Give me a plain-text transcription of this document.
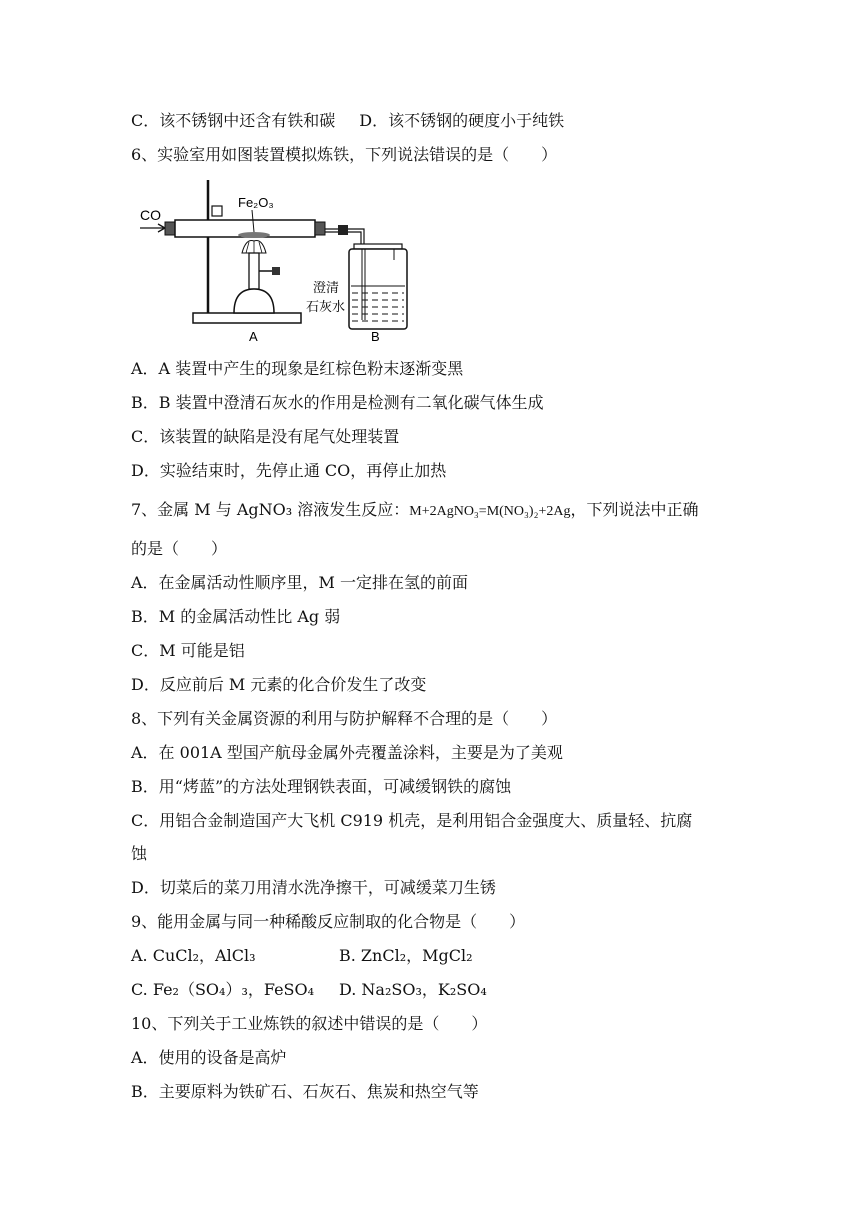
C．该不锈钢中还含有铁和碳 D．该不锈钢的硬度小于纯铁
6、实验室用如图装置模拟炼铁，下列说法错误的是（　　）
CO
Fe₂O₃
A
澄清
石灰水
B
A．A 装置中产生的现象是红棕色粉末逐渐变黑
B．B 装置中澄清石灰水的作用是检测有二氧化碳气体生成
C．该装置的缺陷是没有尾气处理装置
D．实验结束时，先停止通 CO，再停止加热
7、金属 M 与 AgNO₃ 溶液发生反应：M+2AgNO₃=M(NO₃)₂+2Ag，下列说法中正确
的是（　　）
A．在金属活动性顺序里，M 一定排在氢的前面
B．M 的金属活动性比 Ag 弱
C．M 可能是铝
D．反应前后 M 元素的化合价发生了改变
8、下列有关金属资源的利用与防护解释不合理的是（　　）
A．在 001A 型国产航母金属外壳覆盖涂料，主要是为了美观
B．用“烤蓝”的方法处理钢铁表面，可减缓钢铁的腐蚀
C．用铝合金制造国产大飞机 C919 机壳，是利用铝合金强度大、质量轻、抗腐
蚀
D．切菜后的菜刀用清水洗净擦干，可减缓菜刀生锈
9、能用金属与同一种稀酸反应制取的化合物是（　　）
A. CuCl₂，AlCl₃	B. ZnCl₂，MgCl₂
C. Fe₂（SO₄）₃，FeSO₄ D. Na₂SO₃，K₂SO₄
10、下列关于工业炼铁的叙述中错误的是（　　）
A．使用的设备是高炉
B．主要原料为铁矿石、石灰石、焦炭和热空气等
